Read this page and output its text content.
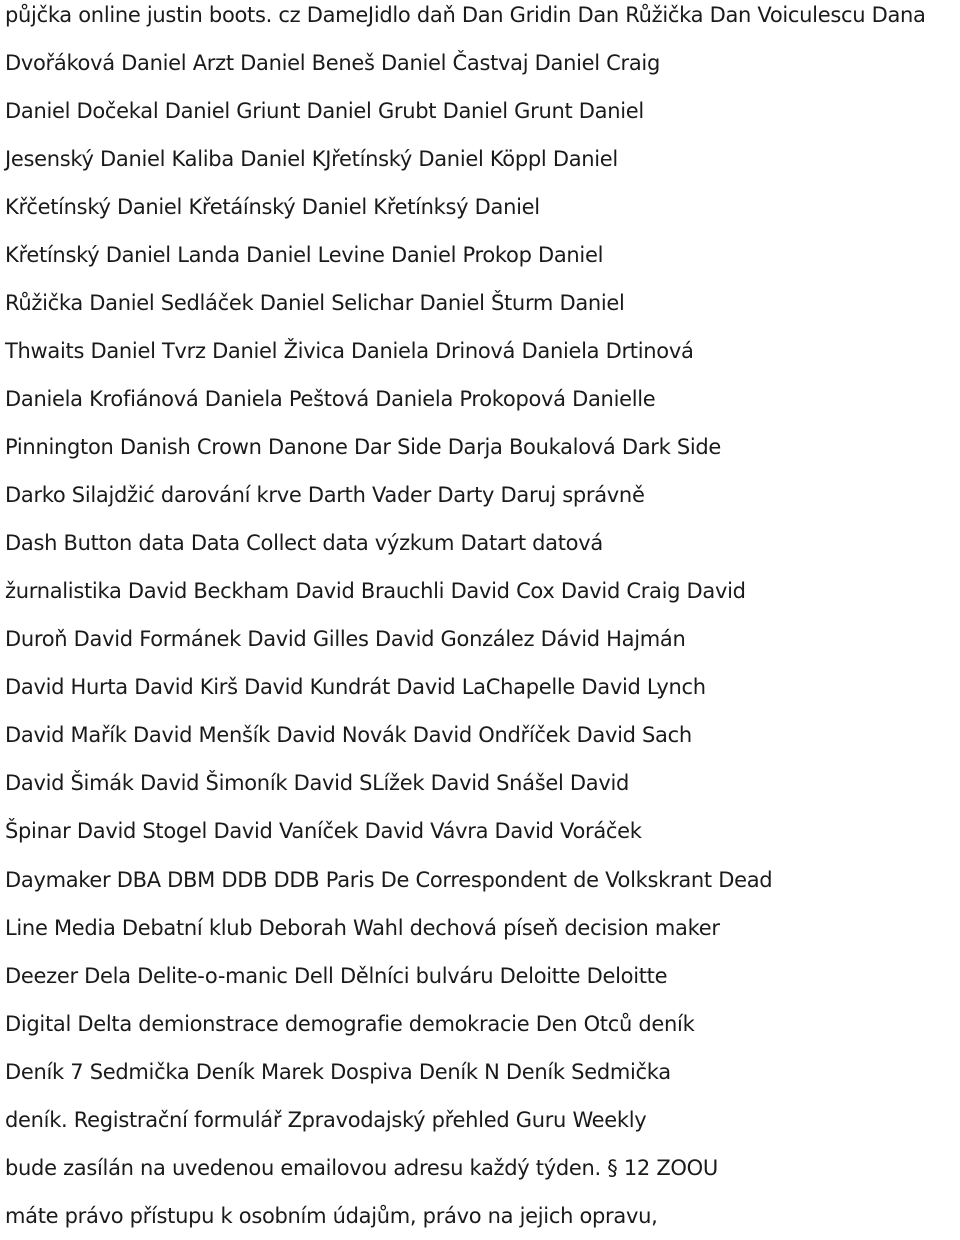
půjčka online justin boots. cz DameJidlo daň Dan Gridin Dan Růžička Dan Voiculescu Dana
Dvořáková Daniel Arzt Daniel Beneš Daniel Častvaj Daniel Craig
Daniel Dočekal Daniel Griunt Daniel Grubt Daniel Grunt Daniel
Jesenský Daniel Kaliba Daniel KJřetínský Daniel Köppl Daniel
Křčetínský Daniel Křetáínský Daniel Křetínksý Daniel
Křetínský Daniel Landa Daniel Levine Daniel Prokop Daniel
Růžička Daniel Sedláček Daniel Selichar Daniel Šturm Daniel
Thwaits Daniel Tvrz Daniel Živica Daniela Drinová Daniela Drtinová
Daniela Krofiánová Daniela Peštová Daniela Prokopová Danielle
Pinnington Danish Crown Danone Dar Side Darja Boukalová Dark Side
Darko Silajdžić darování krve Darth Vader Darty Daruj správně
Dash Button data Data Collect data výzkum Datart datová
žurnalistika David Beckham David Brauchli David Cox David Craig David
Duroň David Formánek David Gilles David González Dávid Hajmán
David Hurta David Kirš David Kundrát David LaChapelle David Lynch
David Mařík David Menšík David Novák David Ondříček David Sach
David Šimák David Šimoník David SLížek David Snášel David
Špinar David Stogel David Vaníček David Vávra David Voráček
Daymaker DBA DBM DDB DDB Paris De Correspondent de Volkskrant Dead
Line Media Debatní klub Deborah Wahl dechová píseň decision maker
Deezer Dela Delite-o-manic Dell Dělníci bulváru Deloitte Deloitte
Digital Delta demionstrace demografie demokracie Den Otců deník
Deník 7 Sedmička Deník Marek Dospiva Deník N Deník Sedmička
deník. Registrační formulář Zpravodajský přehled Guru Weekly
bude zasílán na uvedenou emailovou adresu každý týden. § 12 ZOOU
máte právo přístupu k osobním údajům, právo na jejich opravu,
